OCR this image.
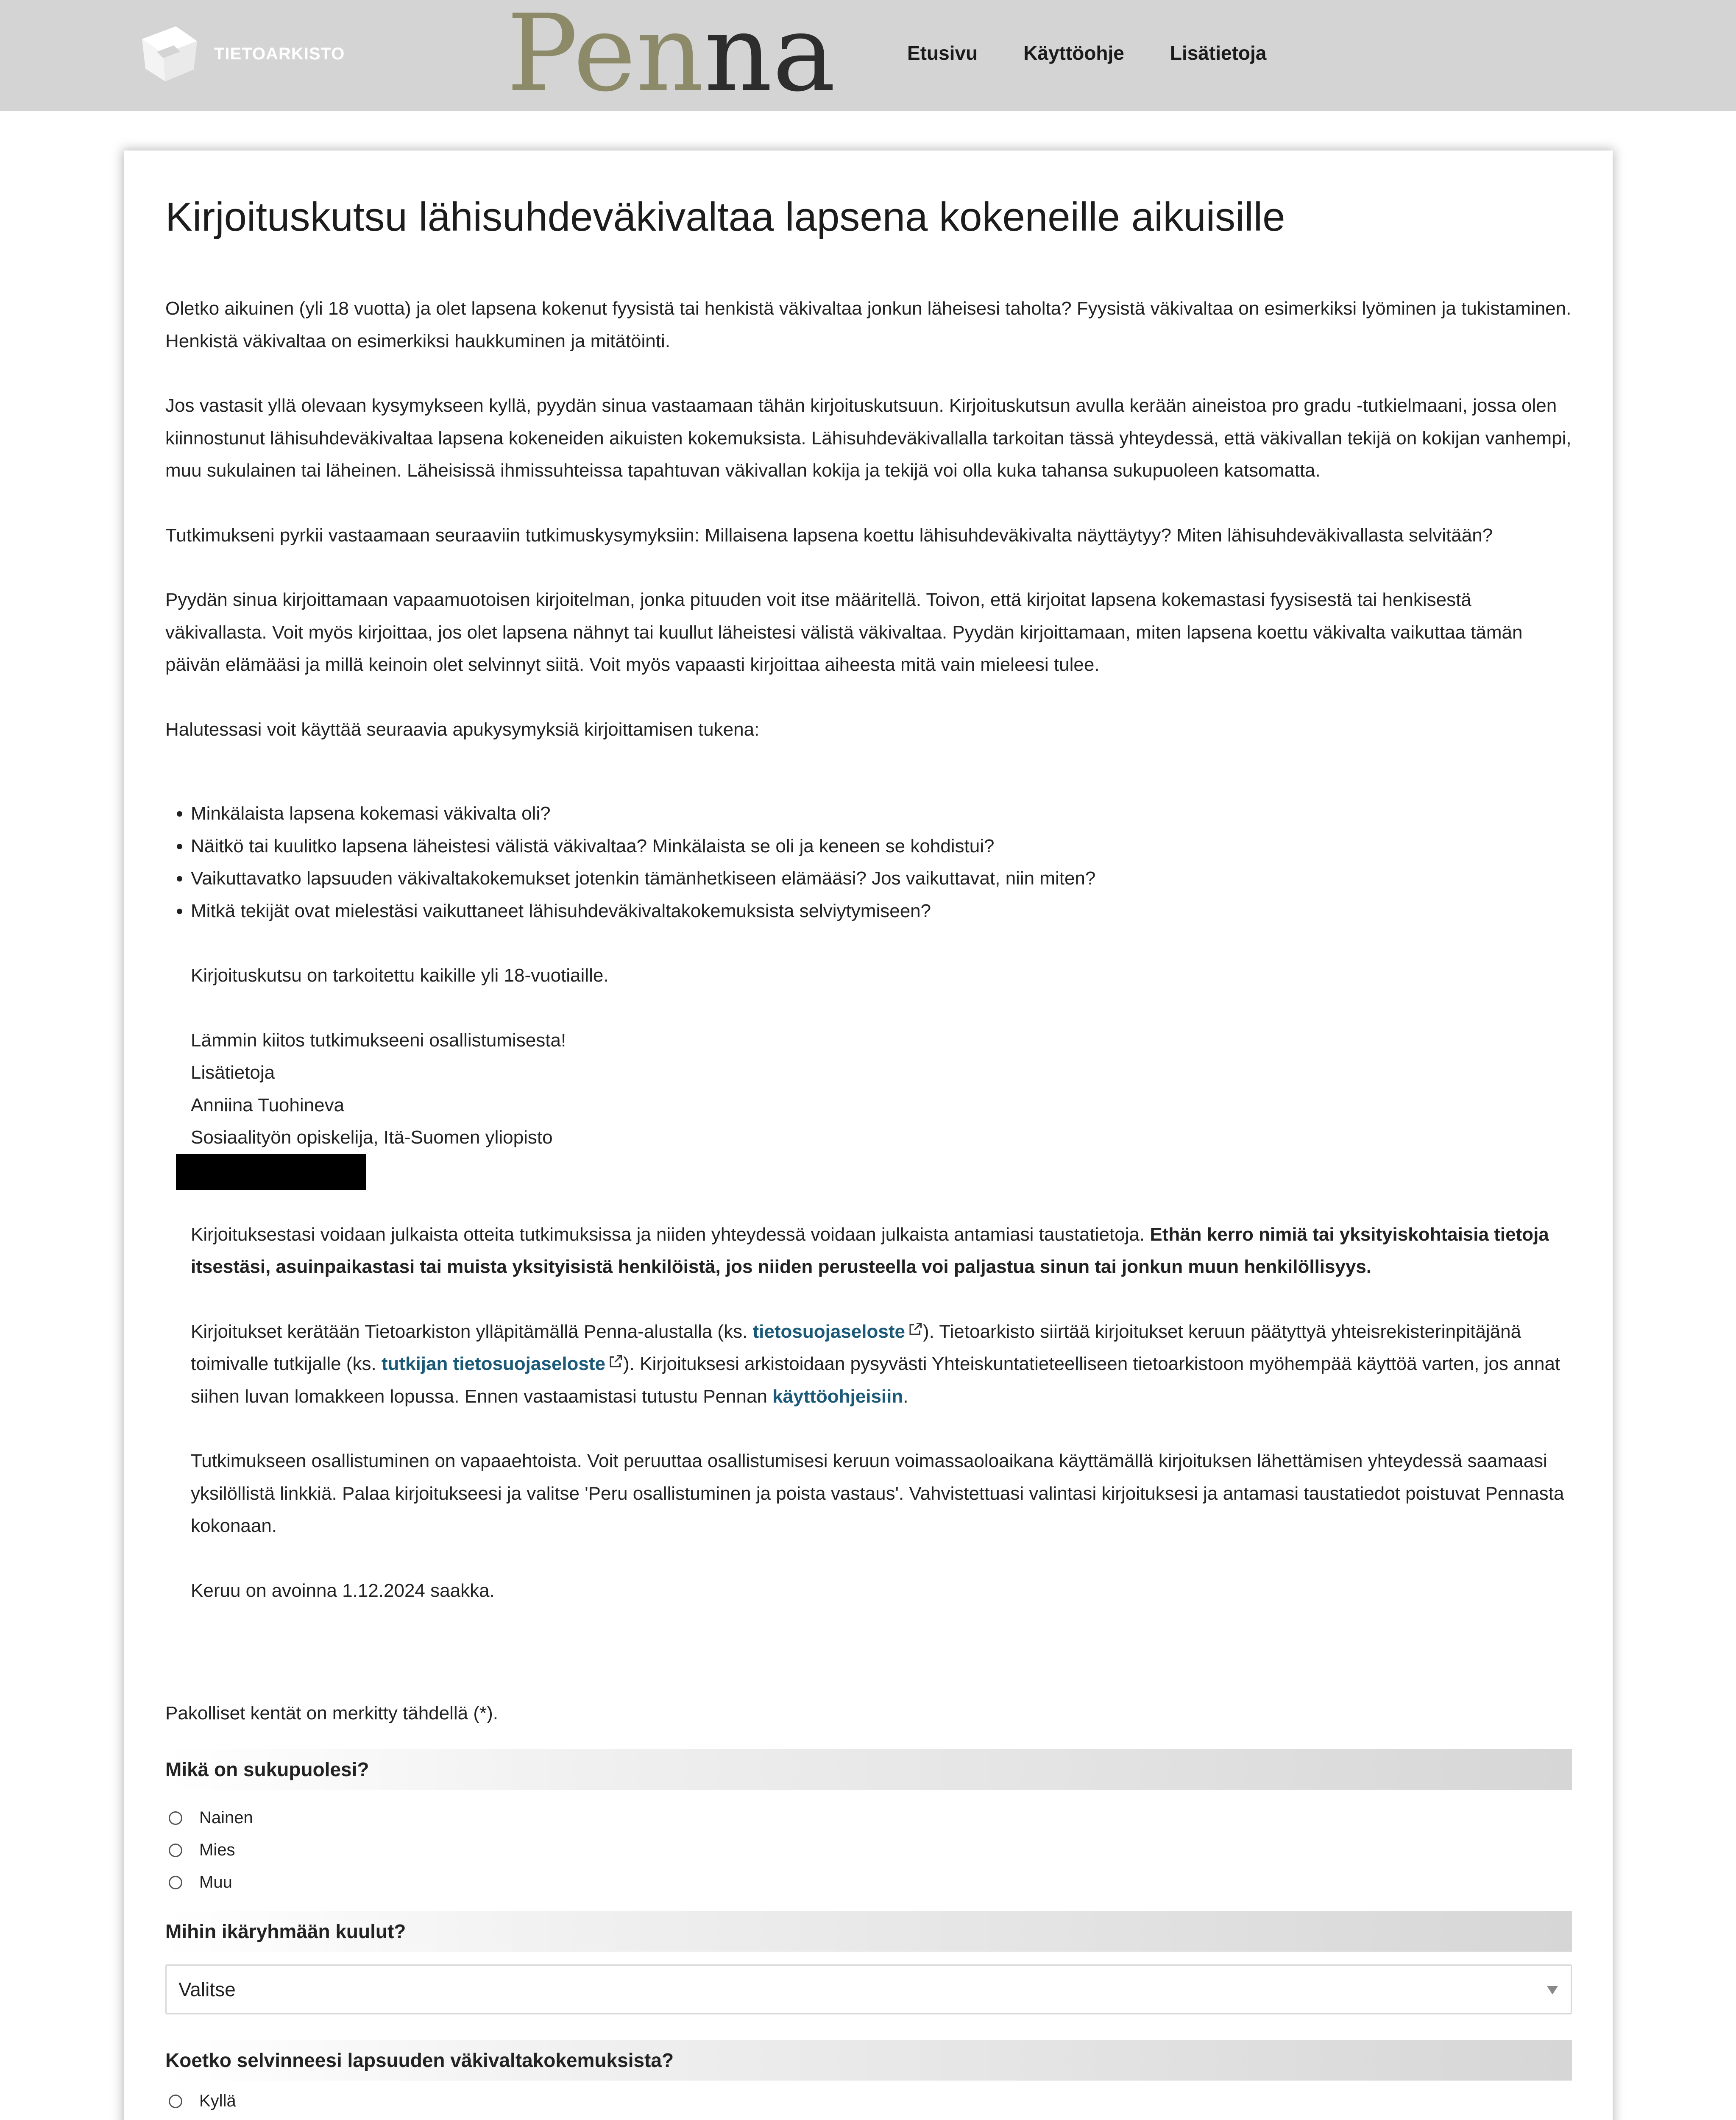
TIETOARKISTO Penna	Etusivu Käyttöohje Lisätietoja
Kirjoituskutsu lähisuhdeväkivaltaa lapsena kokeneille aikuisille

Oletko aikuinen (yli 18 vuotta) ja olet lapsena kokenut fyysistä tai henkistä väkivaltaa jonkun läheisesi taholta? Fyysistä väkivaltaa on esimerkiksi lyöminen ja tukistaminen. Henkistä väkivaltaa on esimerkiksi haukkuminen ja mitätöinti.

Jos vastasit yllä olevaan kysymykseen kyllä, pyydän sinua vastaamaan tähän kirjoituskutsuun. Kirjoituskutsun avulla kerään aineistoa pro gradu -tutkielmaani, jossa olen kiinnostunut lähisuhdeväkivaltaa lapsena kokeneiden aikuisten kokemuksista. Lähisuhdeväkivallalla tarkoitan tässä yhteydessä, että väkivallan tekijä on kokijan vanhempi, muu sukulainen tai läheinen. Läheisissä ihmissuhteissa tapahtuvan väkivallan kokija ja tekijä voi olla kuka tahansa sukupuoleen katsomatta.

Tutkimukseni pyrkii vastaamaan seuraaviin tutkimuskysymyksiin: Millaisena lapsena koettu lähisuhdeväkivalta näyttäytyy? Miten lähisuhdeväkivallasta selvitään?

Pyydän sinua kirjoittamaan vapaamuotoisen kirjoitelman, jonka pituuden voit itse määritellä. Toivon, että kirjoitat lapsena kokemastasi fyysisestä tai henkisestä väkivallasta. Voit myös kirjoittaa, jos olet lapsena nähnyt tai kuullut läheistesi välistä väkivaltaa. Pyydän kirjoittamaan, miten lapsena koettu väkivalta vaikuttaa tämän päivän elämääsi ja millä keinoin olet selvinnyt siitä. Voit myös vapaasti kirjoittaa aiheesta mitä vain mieleesi tulee.

Halutessasi voit käyttää seuraavia apukysymyksiä kirjoittamisen tukena:

• Minkälaista lapsena kokemasi väkivalta oli?
• Näitkö tai kuulitko lapsena läheistesi välistä väkivaltaa? Minkälaista se oli ja keneen se kohdistui?
• Vaikuttavatko lapsuuden väkivaltakokemukset jotenkin tämänhetkiseen elämääsi? Jos vaikuttavat, niin miten?
• Mitkä tekijät ovat mielestäsi vaikuttaneet lähisuhdeväkivaltakokemuksista selviytymiseen?

Kirjoituskutsu on tarkoitettu kaikille yli 18-vuotiaille.

Lämmin kiitos tutkimukseeni osallistumisesta!
Lisätietoja
Anniina Tuohineva
Sosiaalityön opiskelija, Itä-Suomen yliopisto

Kirjoituksestasi voidaan julkaista otteita tutkimuksissa ja niiden yhteydessä voidaan julkaista antamiasi taustatietoja. Ethän kerro nimiä tai yksityiskohtaisia tietoja itsestäsi, asuinpaikastasi tai muista yksityisistä henkilöistä, jos niiden perusteella voi paljastua sinun tai jonkun muun henkilöllisyys.

Kirjoitukset kerätään Tietoarkiston ylläpitämällä Penna-alustalla (ks. tietosuojaseloste ). Tietoarkisto siirtää kirjoitukset keruun päätyttyä yhteisrekisterinpitäjänä toimivalle tutkijalle (ks. tutkijan tietosuojaseloste ). Kirjoituksesi arkistoidaan pysyvästi Yhteiskuntatieteelliseen tietoarkistoon myöhempää käyttöä varten, jos annat siihen luvan lomakkeen lopussa. Ennen vastaamistasi tutustu Pennan käyttöohjeisiin.

Tutkimukseen osallistuminen on vapaaehtoista. Voit peruuttaa osallistumisesi keruun voimassaoloaikana käyttämällä kirjoituksen lähettämisen yhteydessä saamaasi yksilöllistä linkkiä. Palaa kirjoitukseesi ja valitse 'Peru osallistuminen ja poista vastaus'. Vahvistettuasi valintasi kirjoituksesi ja antamasi taustatiedot poistuvat Pennasta kokonaan.

Keruu on avoinna 1.12.2024 saakka.

Pakolliset kentät on merkitty tähdellä (*).
Mikä on sukupuolesi?
Nainen
Mies
Muu
Mihin ikäryhmään kuulut?
Valitse
Koetko selvinneesi lapsuuden väkivaltakokemuksista?
Kyllä
